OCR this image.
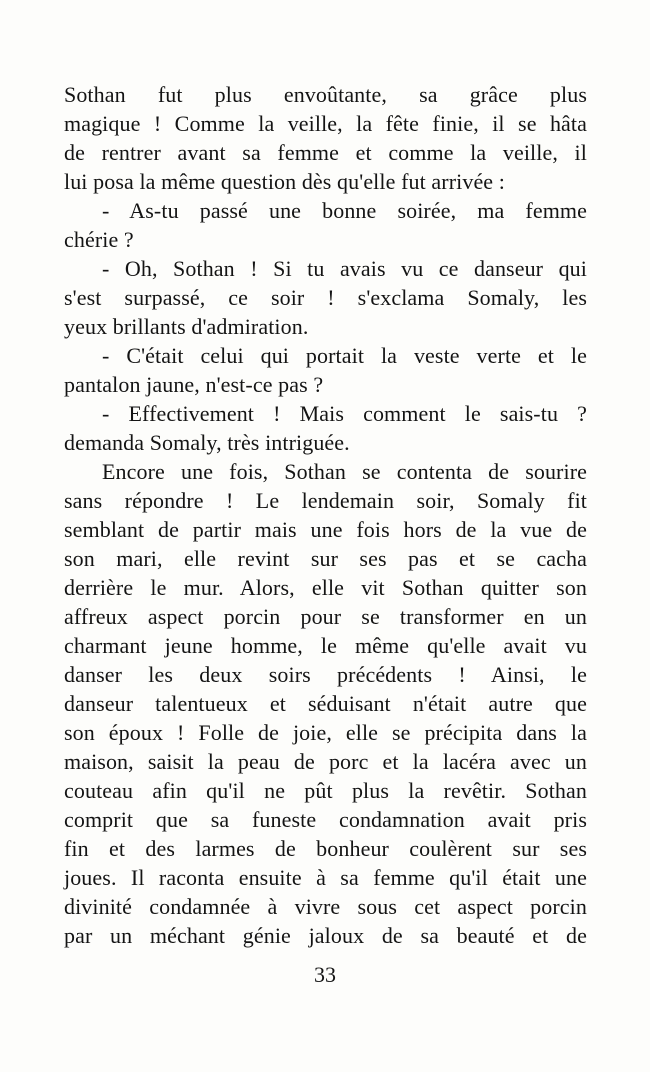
Sothan fut plus envoûtante, sa grâce plus
magique ! Comme la veille, la fête finie, il se hâta
de rentrer avant sa femme et comme la veille, il
lui posa la même question dès qu'elle fut arrivée :
- As-tu passé une bonne soirée, ma femme
chérie ?
- Oh, Sothan ! Si tu avais vu ce danseur qui
s'est surpassé, ce soir ! s'exclama Somaly, les
yeux brillants d'admiration.
- C'était celui qui portait la veste verte et le
pantalon jaune, n'est-ce pas ?
- Effectivement ! Mais comment le sais-tu ?
demanda Somaly, très intriguée.
Encore une fois, Sothan se contenta de sourire
sans répondre ! Le lendemain soir, Somaly fit
semblant de partir mais une fois hors de la vue de
son mari, elle revint sur ses pas et se cacha
derrière le mur. Alors, elle vit Sothan quitter son
affreux aspect porcin pour se transformer en un
charmant jeune homme, le même qu'elle avait vu
danser les deux soirs précédents ! Ainsi, le
danseur talentueux et séduisant n'était autre que
son époux ! Folle de joie, elle se précipita dans la
maison, saisit la peau de porc et la lacéra avec un
couteau afin qu'il ne pût plus la revêtir. Sothan
comprit que sa funeste condamnation avait pris
fin et des larmes de bonheur coulèrent sur ses
joues. Il raconta ensuite à sa femme qu'il était une
divinité condamnée à vivre sous cet aspect porcin
par un méchant génie jaloux de sa beauté et de
33
